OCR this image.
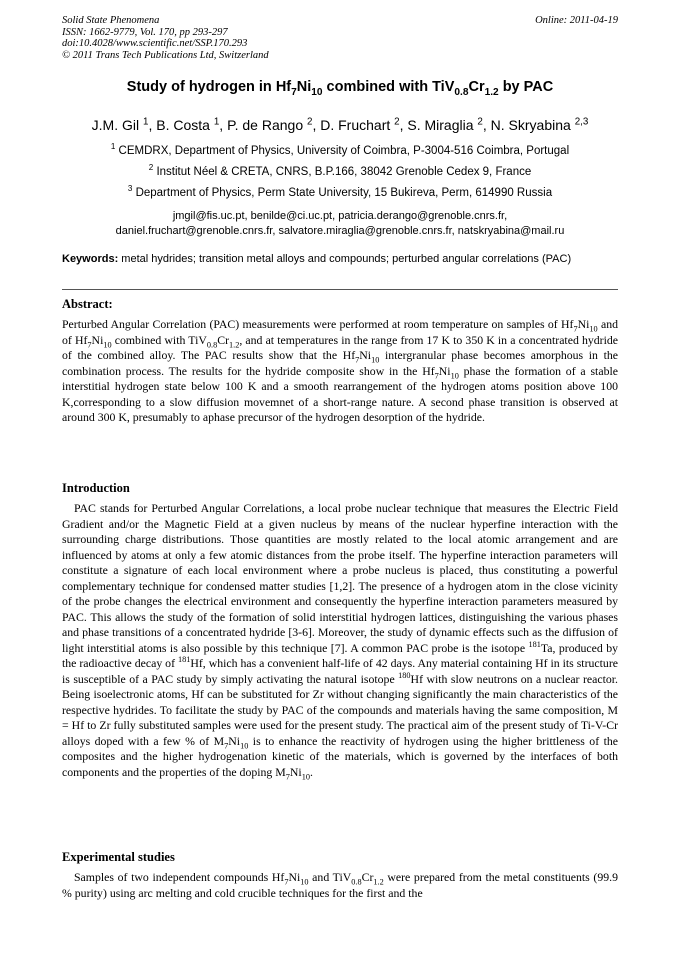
Solid State Phenomena
ISSN: 1662-9779, Vol. 170, pp 293-297
doi:10.4028/www.scientific.net/SSP.170.293
© 2011 Trans Tech Publications Ltd, Switzerland
Online: 2011-04-19
Study of hydrogen in $Hf_7Ni_{10}$ combined with $TiV_{0.8}Cr_{1.2}$ by PAC
J.M. Gil $^1$, B. Costa $^1$, P. de Rango $^2$, D. Fruchart $^2$, S. Miraglia $^2$, N. Skryabina $^{2,3}$
$^1$ CEMDRX, Department of Physics, University of Coimbra, P-3004-516 Coimbra, Portugal
$^2$ Institut Néel & CRETA, CNRS, B.P.166, 38042 Grenoble Cedex 9, France
$^3$ Department of Physics, Perm State University, 15 Bukireva, Perm, 614990 Russia
jmgil@fis.uc.pt, benilde@ci.uc.pt, patricia.derango@grenoble.cnrs.fr,
daniel.fruchart@grenoble.cnrs.fr, salvatore.miraglia@grenoble.cnrs.fr, natskryabina@mail.ru
Keywords: metal hydrides; transition metal alloys and compounds; perturbed angular correlations (PAC)
Abstract:

Perturbed Angular Correlation (PAC) measurements were performed at room temperature on samples of $Hf_7Ni_{10}$ and of $Hf_7Ni_{10}$ combined with $TiV_{0.8}Cr_{1.2}$, and at temperatures in the range from 17 K to 350 K in a concentrated hydride of the combined alloy. The PAC results show that the $Hf_7Ni_{10}$ intergranular phase becomes amorphous in the combination process. The results for the hydride composite show in the $Hf_7Ni_{10}$ phase the formation of a stable interstitial hydrogen state below 100 K and a smooth rearrangement of the hydrogen atoms position above 100 K,corresponding to a slow diffusion movemnet of a short-range nature. A second phase transition is observed at around 300 K, presumably to aphase precursor of the hydrogen desorption of the hydride.

Introduction

PAC stands for Perturbed Angular Correlations, a local probe nuclear technique that measures the Electric Field Gradient and/or the Magnetic Field at a given nucleus by means of the nuclear hyperfine interaction with the surrounding charge distributions. Those quantities are mostly related to the local atomic arrangement and are influenced by atoms at only a few atomic distances from the probe itself. The hyperfine interaction parameters will constitute a signature of each local environment where a probe nucleus is placed, thus constituting a powerful complementary technique for condensed matter studies [1,2]. The presence of a hydrogen atom in the close vicinity of the probe changes the electrical environment and consequently the hyperfine interaction parameters measured by PAC. This allows the study of the formation of solid interstitial hydrogen lattices, distinguishing the various phases and phase transitions of a concentrated hydride [3-6]. Moreover, the study of dynamic effects such as the diffusion of light interstitial atoms is also possible by this technique [7]. A common PAC probe is the isotope $^{181}$Ta, produced by the radioactive decay of $^{181}$Hf, which has a convenient half-life of 42 days. Any material containing Hf in its structure is susceptible of a PAC study by simply activating the natural isotope $^{180}$Hf with slow neutrons on a nuclear reactor. Being isoelectronic atoms, Hf can be substituted for Zr without changing significantly the main characteristics of the respective hydrides. To facilitate the study by PAC of the compounds and materials having the same composition, M = Hf to Zr fully substituted samples were used for the present study. The practical aim of the present study of Ti-V-Cr alloys doped with a few % of $M_7Ni_{10}$ is to enhance the reactivity of hydrogen using the higher brittleness of the composites and the higher hydrogenation kinetic of the materials, which is governed by the interfaces of both components and the properties of the doping $M_7Ni_{10}$.

Experimental studies

Samples of two independent compounds $Hf_7Ni_{10}$ and $TiV_{0.8}Cr_{1.2}$ were prepared from the metal constituents (99.9 % purity) using arc melting and cold crucible techniques for the first and the
